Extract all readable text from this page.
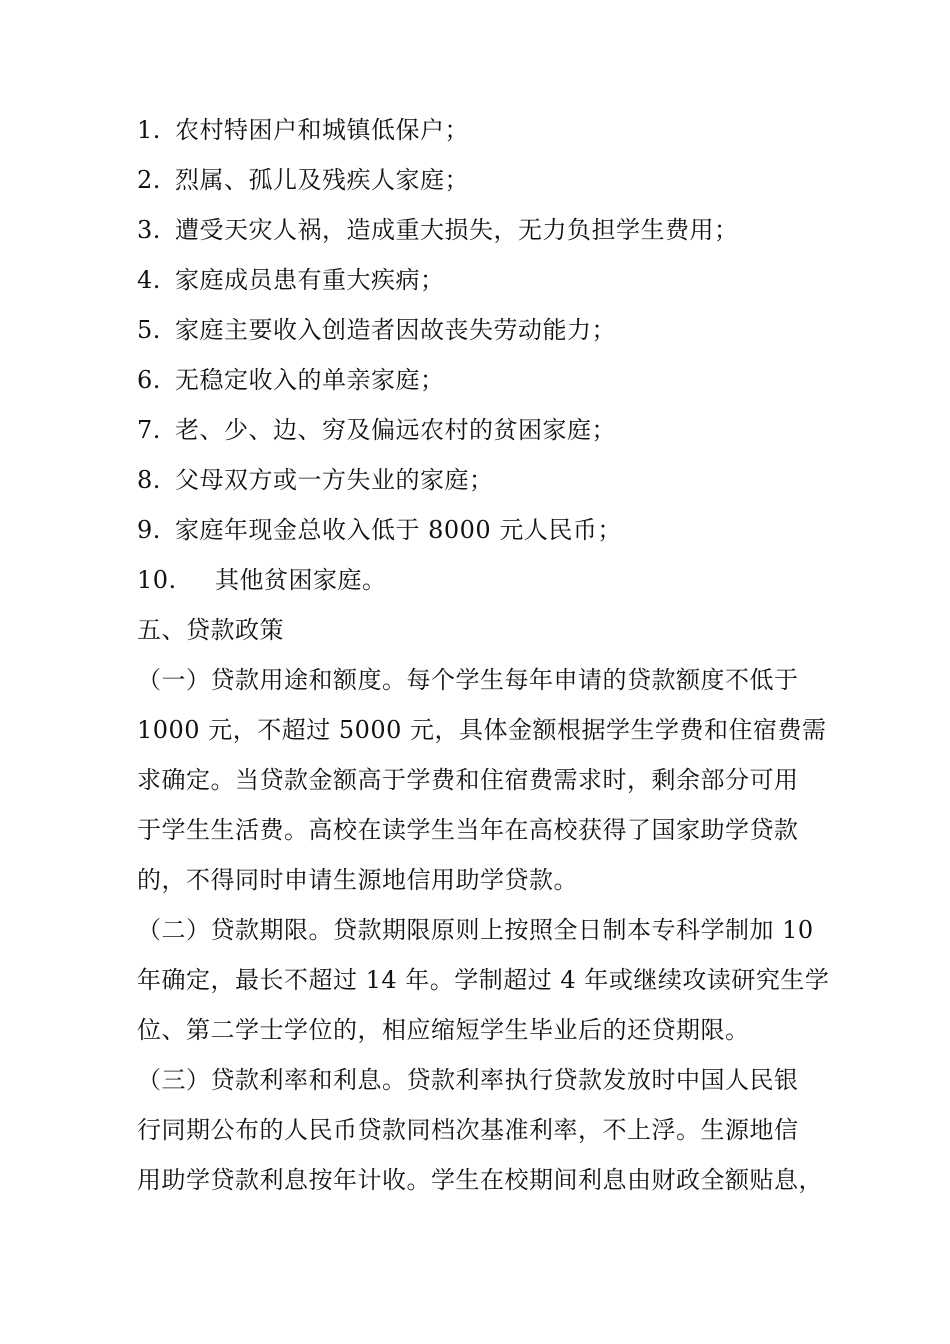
1. 农村特困户和城镇低保户；
2. 烈属、孤儿及残疾人家庭；
3. 遭受天灾人祸，造成重大损失，无力负担学生费用；
4. 家庭成员患有重大疾病；
5. 家庭主要收入创造者因故丧失劳动能力；
6. 无稳定收入的单亲家庭；
7. 老、少、边、穷及偏远农村的贫困家庭；
8. 父母双方或一方失业的家庭；
9. 家庭年现金总收入低于 8000 元人民币；
10. 其他贫困家庭。
五、贷款政策
（一）贷款用途和额度。每个学生每年申请的贷款额度不低于
1000 元，不超过 5000 元，具体金额根据学生学费和住宿费需
求确定。当贷款金额高于学费和住宿费需求时，剩余部分可用
于学生生活费。高校在读学生当年在高校获得了国家助学贷款
的，不得同时申请生源地信用助学贷款。
（二）贷款期限。贷款期限原则上按照全日制本专科学制加 10
年确定，最长不超过 14 年。学制超过 4 年或继续攻读研究生学
位、第二学士学位的，相应缩短学生毕业后的还贷期限。
（三）贷款利率和利息。贷款利率执行贷款发放时中国人民银
行同期公布的人民币贷款同档次基准利率，不上浮。生源地信
用助学贷款利息按年计收。学生在校期间利息由财政全额贴息，
